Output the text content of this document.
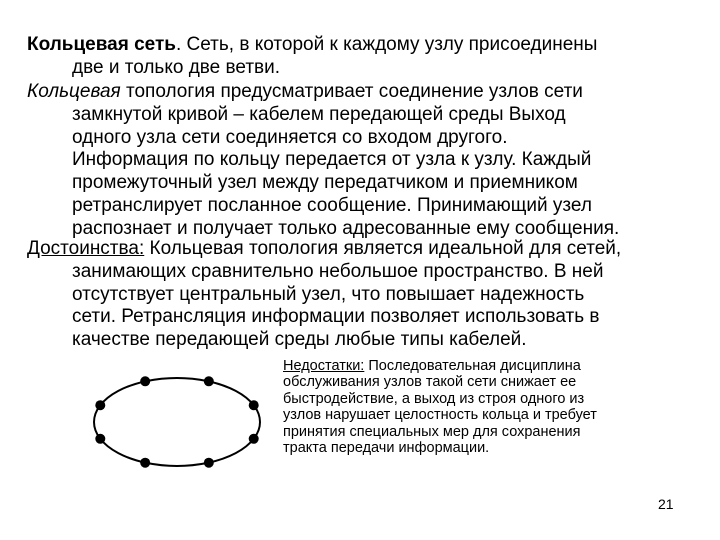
Кольцевая сеть. Сеть, в которой к каждому узлу присоединены
две и только две ветви.
Кольцевая топология предусматривает соединение узлов сети
замкнутой кривой – кабелем передающей среды Выход
одного узла сети соединяется со входом другого.
Информация по кольцу передается от узла к узлу. Каждый
промежуточный узел между передатчиком и приемником
ретранслирует посланное сообщение. Принимающий узел
распознает и получает только адресованные ему сообщения.
Достоинства: Кольцевая топология является идеальной для сетей,
занимающих сравнительно небольшое пространство. В ней
отсутствует центральный узел, что повышает надежность
сети. Ретрансляция информации позволяет использовать в
качестве передающей среды любые типы кабелей.
Недостатки: Последовательная дисциплина
обслуживания узлов такой сети снижает ее
быстродействие, а выход из строя одного из
узлов нарушает целостность кольца и требует
принятия специальных мер для сохранения
тракта передачи информации.
21
